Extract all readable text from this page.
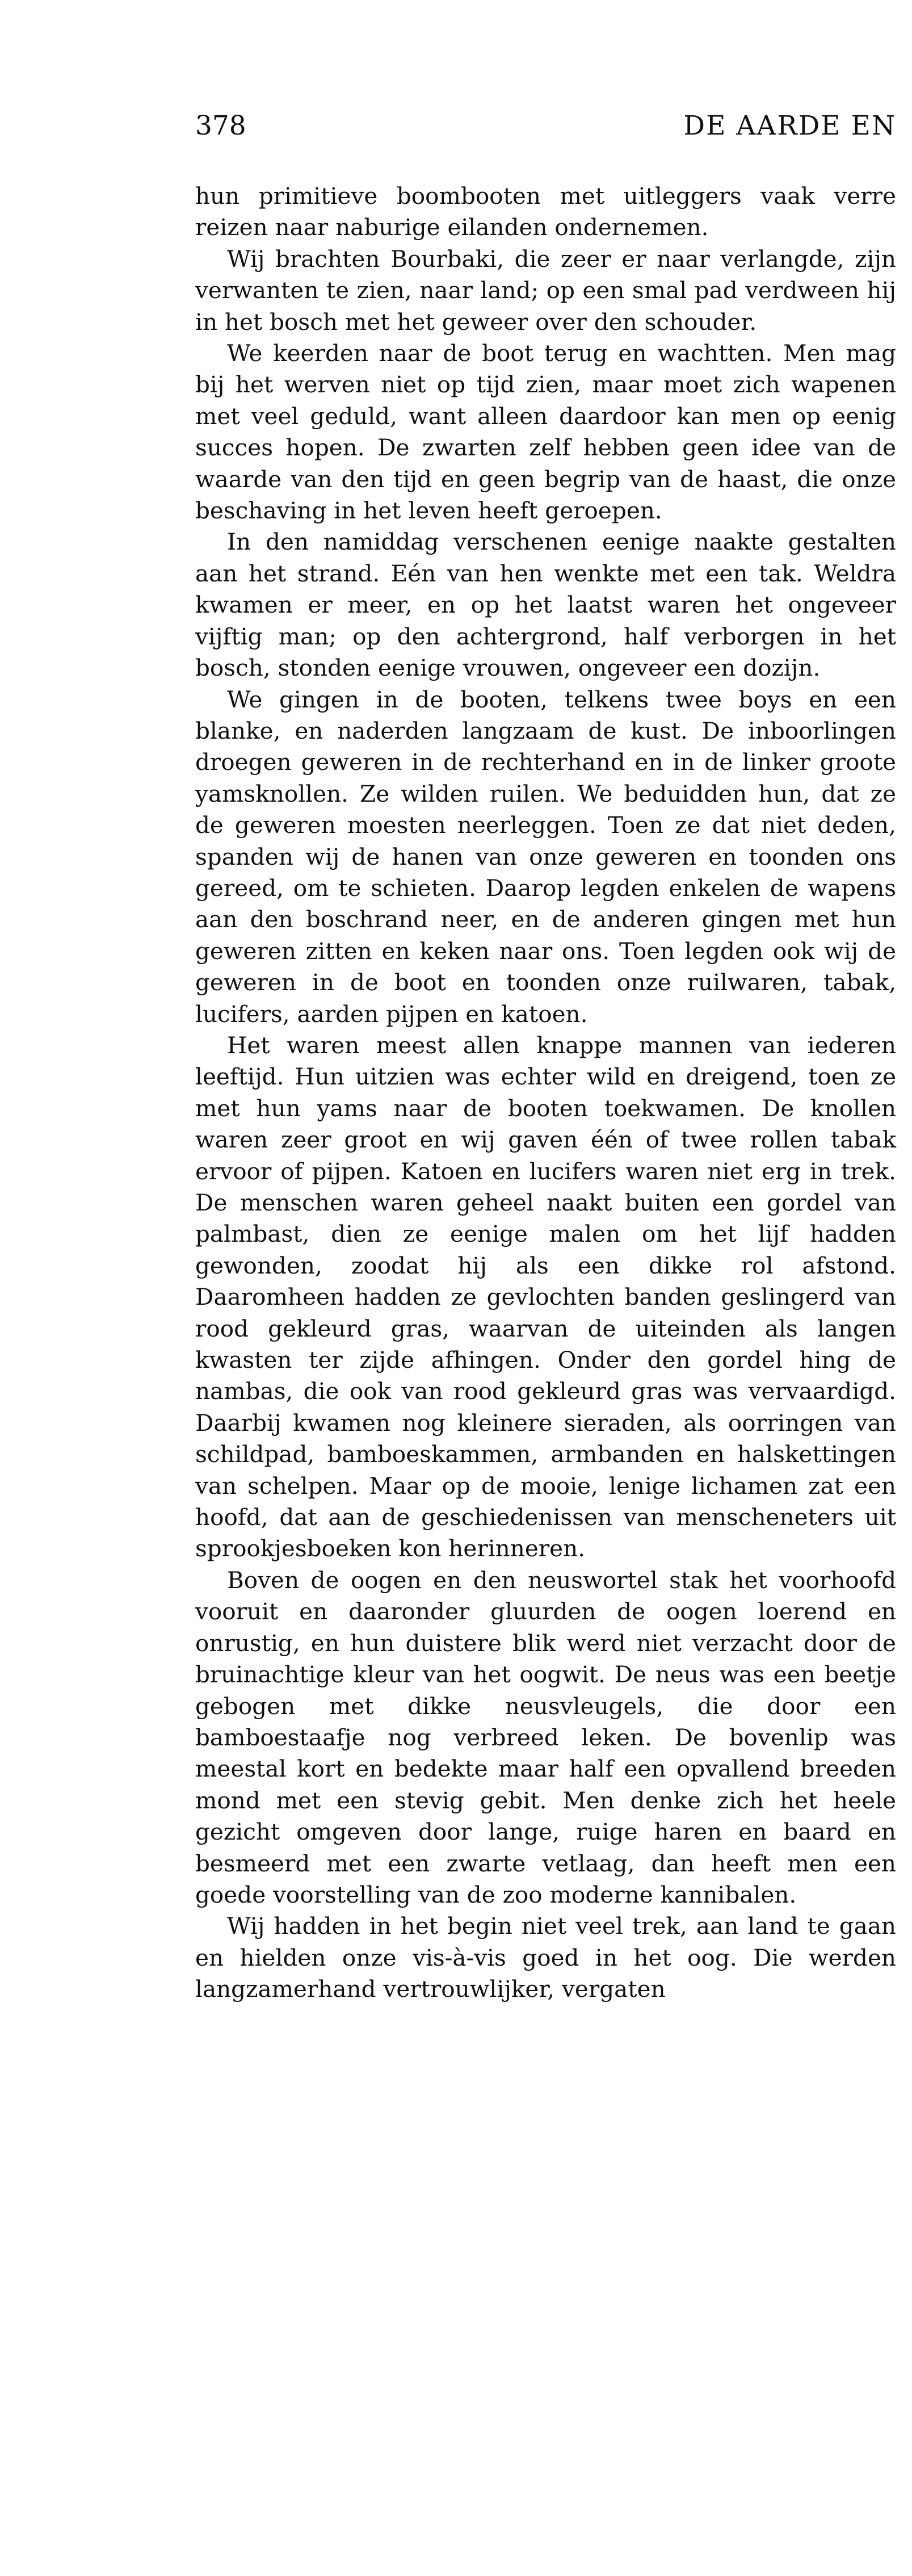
378	DE AARDE EN

hun primitieve boombooten met uitleggers vaak verre reizen naar naburige eilanden ondernemen.

Wij brachten Bourbaki, die zeer er naar verlangde, zijn verwanten te zien, naar land; op een smal pad verdween hij in het bosch met het geweer over den schouder.

We keerden naar de boot terug en wachtten. Men mag bij het werven niet op tijd zien, maar moet zich wapenen met veel geduld, want alleen daardoor kan men op eenig succes hopen. De zwarten zelf hebben geen idee van de waarde van den tijd en geen begrip van de haast, die onze beschaving in het leven heeft geroepen.

In den namiddag verschenen eenige naakte gestalten aan het strand. Eén van hen wenkte met een tak. Weldra kwamen er meer, en op het laatst waren het ongeveer vijftig man; op den achtergrond, half verborgen in het bosch, stonden eenige vrouwen, ongeveer een dozijn.

We gingen in de booten, telkens twee boys en een blanke, en naderden langzaam de kust. De inboorlingen droegen geweren in de rechterhand en in de linker groote yamsknollen. Ze wilden ruilen. We beduidden hun, dat ze de geweren moesten neerleggen. Toen ze dat niet deden, spanden wij de hanen van onze geweren en toonden ons gereed, om te schieten. Daarop legden enkelen de wapens aan den boschrand neer, en de anderen gingen met hun geweren zitten en keken naar ons. Toen legden ook wij de geweren in de boot en toonden onze ruilwaren, tabak, lucifers, aarden pijpen en katoen.

Het waren meest allen knappe mannen van iederen leeftijd. Hun uitzien was echter wild en dreigend, toen ze met hun yams naar de booten toekwamen. De knollen waren zeer groot en wij gaven één of twee rollen tabak ervoor of pijpen. Katoen en lucifers waren niet erg in trek. De menschen waren geheel naakt buiten een gordel van palmbast, dien ze eenige malen om het lijf hadden gewonden, zoodat hij als een dikke rol afstond. Daaromheen hadden ze gevlochten banden geslingerd van rood gekleurd gras, waarvan de uiteinden als langen kwasten ter zijde afhingen. Onder den gordel hing de nambas, die ook van rood gekleurd gras was vervaardigd. Daarbij kwamen nog kleinere sieraden, als oorringen van schildpad, bamboeskammen, armbanden en halskettingen van schelpen. Maar op de mooie, lenige lichamen zat een hoofd, dat aan de geschiedenissen van menscheneters uit sprookjesboeken kon herinneren.

Boven de oogen en den neuswortel stak het voorhoofd vooruit en daaronder gluurden de oogen loerend en onrustig, en hun duistere blik werd niet verzacht door de bruinachtige kleur van het oogwit. De neus was een beetje gebogen met dikke neusvleugels, die door een bamboestaafje nog verbreed leken. De bovenlip was meestal kort en bedekte maar half een opvallend breeden mond met een stevig gebit. Men denke zich het heele gezicht omgeven door lange, ruige haren en baard en besmeerd met een zwarte vetlaag, dan heeft men een goede voorstelling van de zoo moderne kannibalen.

Wij hadden in het begin niet veel trek, aan land te gaan en hielden onze vis-à-vis goed in het oog. Die werden langzamerhand vertrouwlijker, vergaten
